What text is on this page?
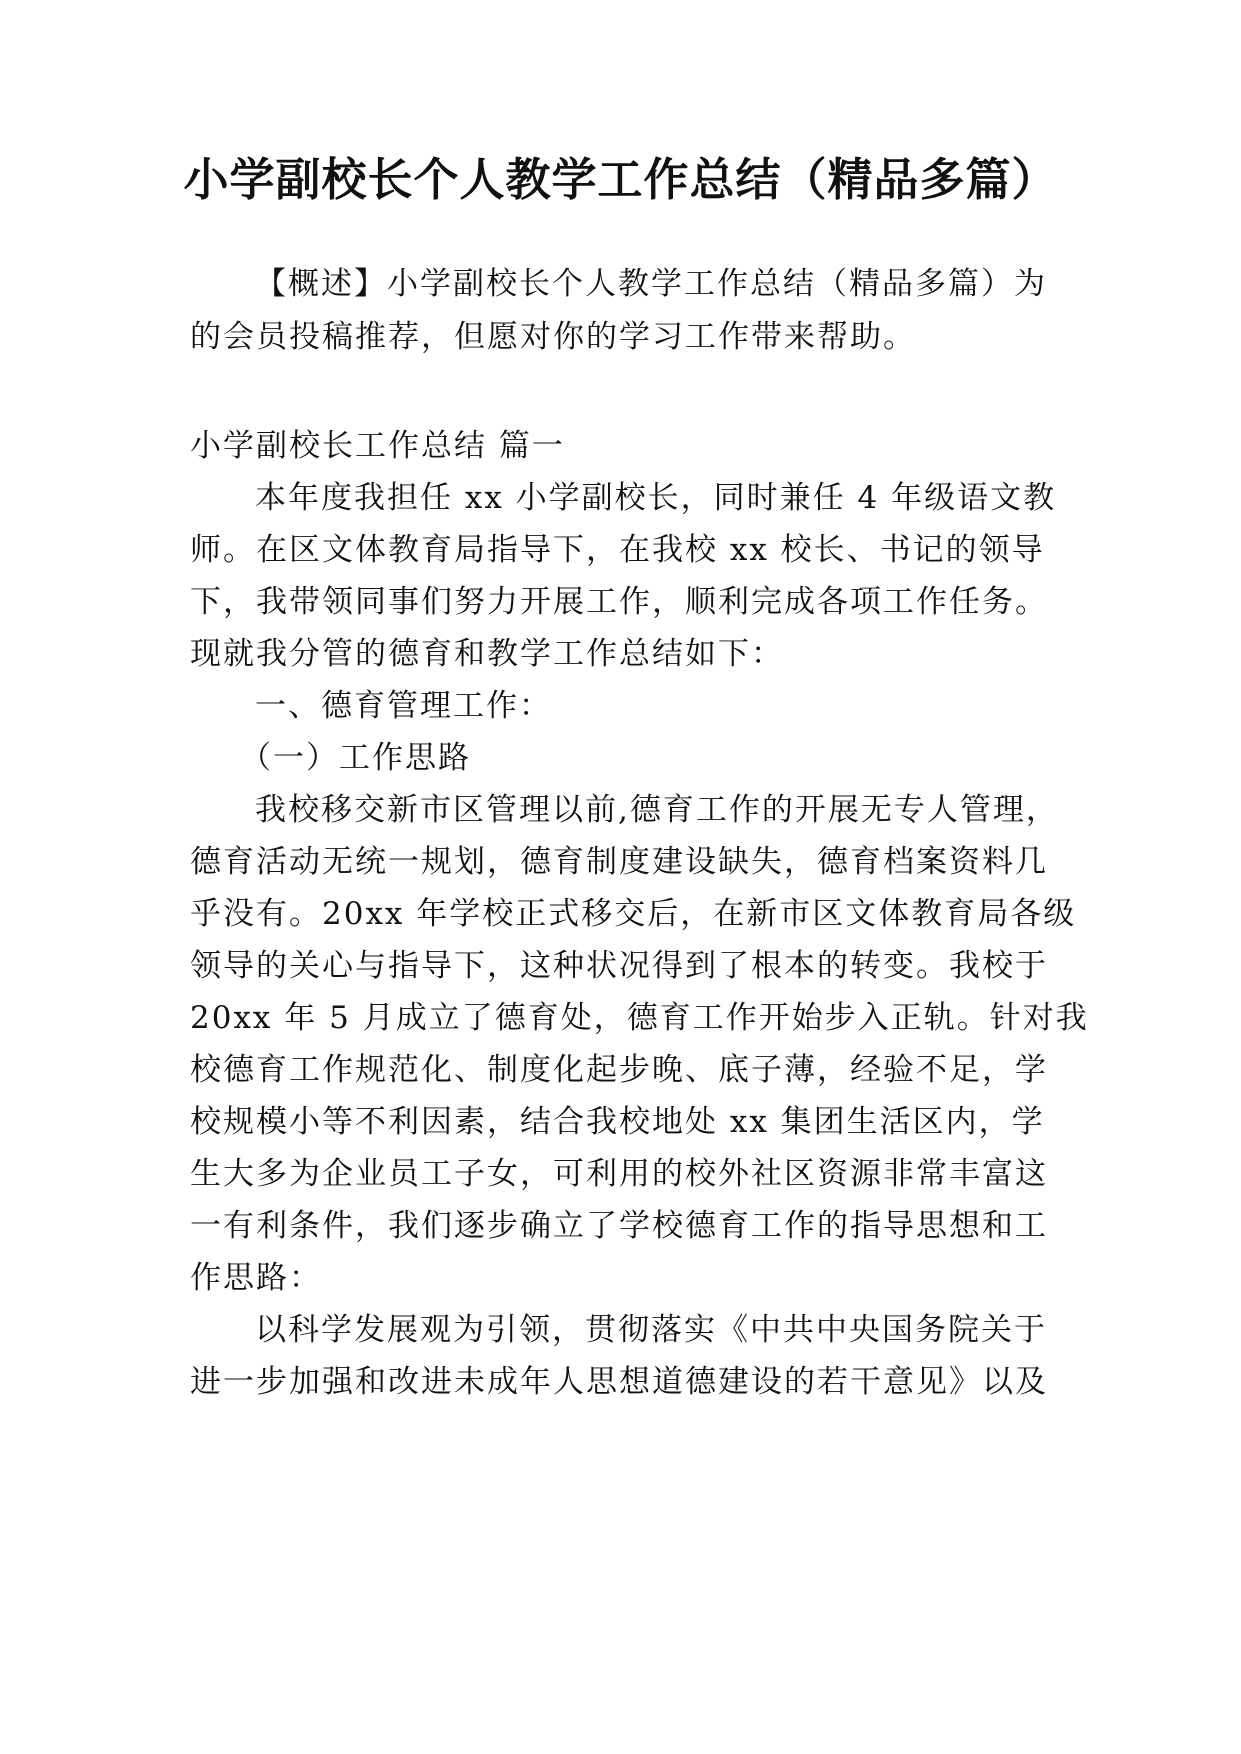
小学副校长个人教学工作总结（精品多篇）
【概述】小学副校长个人教学工作总结（精品多篇）为
的会员投稿推荐，但愿对你的学习工作带来帮助。
小学副校长工作总结 篇一
本年度我担任 xx 小学副校长，同时兼任 4 年级语文教
师。在区文体教育局指导下，在我校 xx 校长、书记的领导
下，我带领同事们努力开展工作，顺利完成各项工作任务。
现就我分管的德育和教学工作总结如下：
一、德育管理工作：
（一）工作思路
我校移交新市区管理以前,德育工作的开展无专人管理，
德育活动无统一规划，德育制度建设缺失，德育档案资料几
乎没有。20xx 年学校正式移交后，在新市区文体教育局各级
领导的关心与指导下，这种状况得到了根本的转变。我校于
20xx 年 5 月成立了德育处，德育工作开始步入正轨。针对我
校德育工作规范化、制度化起步晚、底子薄，经验不足，学
校规模小等不利因素，结合我校地处 xx 集团生活区内，学
生大多为企业员工子女，可利用的校外社区资源非常丰富这
一有利条件，我们逐步确立了学校德育工作的指导思想和工
作思路：
以科学发展观为引领，贯彻落实《中共中央国务院关于
进一步加强和改进未成年人思想道德建设的若干意见》以及
